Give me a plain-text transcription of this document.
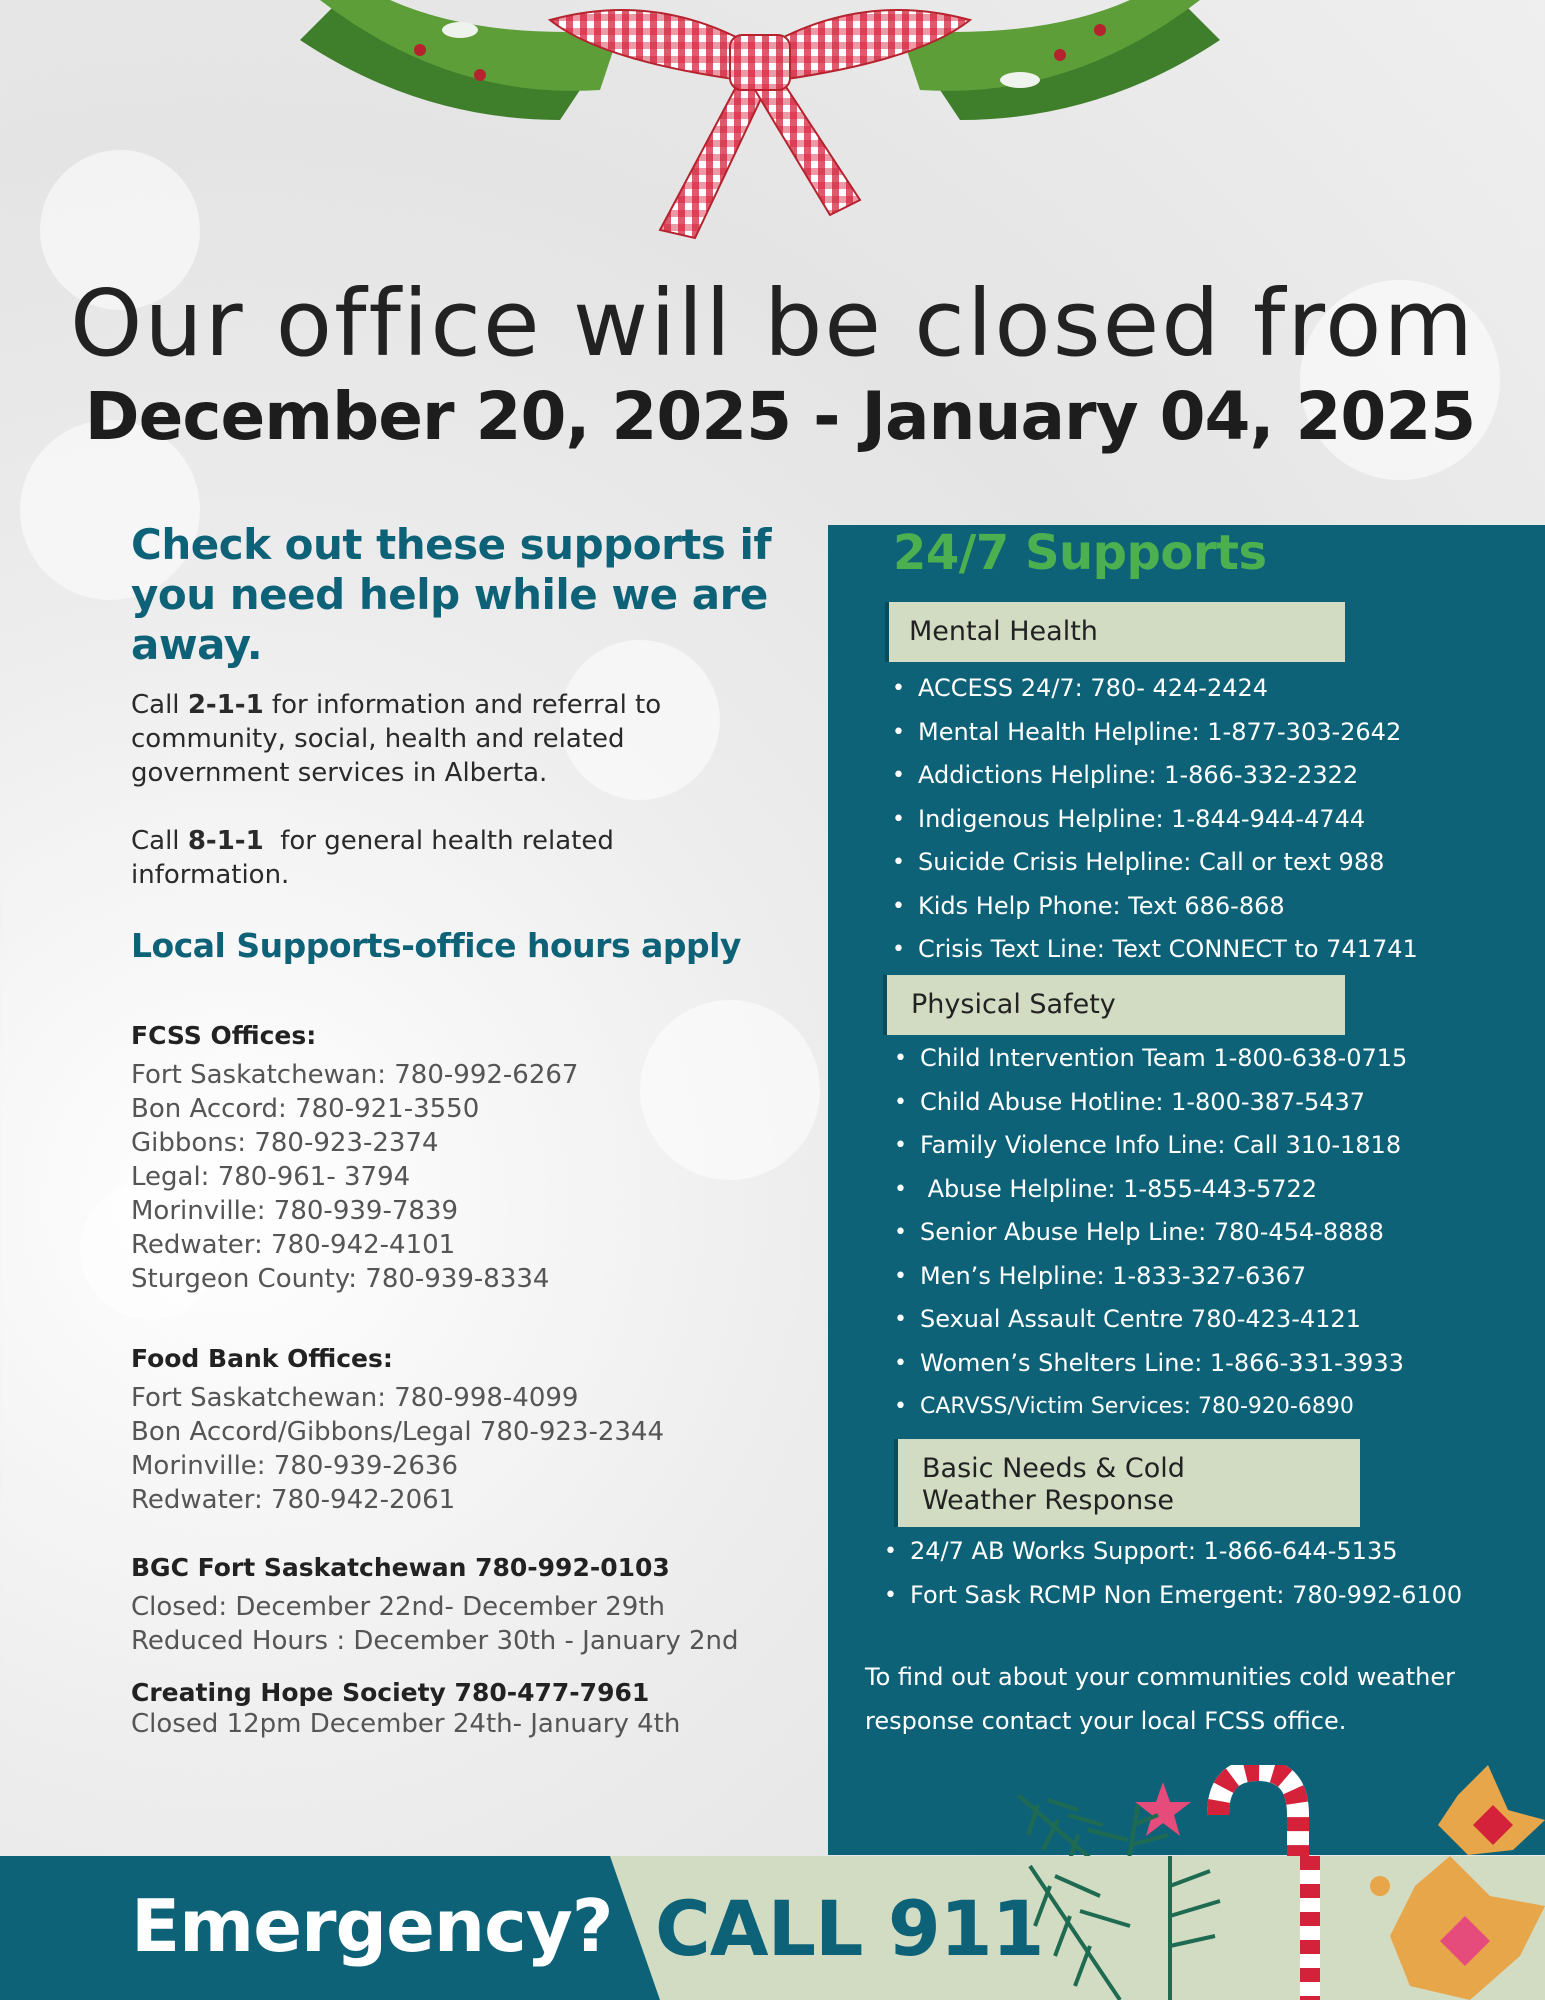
Our office will be closed from
December 20, 2025 - January 04, 2025
Check out these supports if
you need help while we are
away.
Call 2-1-1 for information and referral to
community, social, health and related
government services in Alberta.
Call 8-1-1  for general health related
information.
Local Supports-office hours apply
FCSS Offices:
Fort Saskatchewan: 780-992-6267
Bon Accord: 780-921-3550
Gibbons: 780-923-2374
Legal: 780-961- 3794
Morinville: 780-939-7839
Redwater: 780-942-4101
Sturgeon County: 780-939-8334
Food Bank Offices:
Fort Saskatchewan: 780-998-4099
Bon Accord/Gibbons/Legal 780-923-2344
Morinville: 780-939-2636
Redwater: 780-942-2061
BGC Fort Saskatchewan 780-992-0103
Closed: December 22nd- December 29th
Reduced Hours : December 30th - January 2nd
Creating Hope Society 780-477-7961
Closed 12pm December 24th- January 4th
24/7 Supports
Mental Health
• ACCESS 24/7: 780- 424-2424
• Mental Health Helpline: 1-877-303-2642
• Addictions Helpline: 1-866-332-2322
• Indigenous Helpline: 1-844-944-4744
• Suicide Crisis Helpline: Call or text 988
• Kids Help Phone: Text 686-868
• Crisis Text Line: Text CONNECT to 741741
Physical Safety
• Child Intervention Team 1-800-638-0715
• Child Abuse Hotline: 1-800-387-5437
• Family Violence Info Line: Call 310-1818
•  Abuse Helpline: 1-855-443-5722
• Senior Abuse Help Line: 780-454-8888
• Men’s Helpline: 1-833-327-6367
• Sexual Assault Centre 780-423-4121
• Women’s Shelters Line: 1-866-331-3933
• CARVSS/Victim Services: 780-920-6890
Basic Needs & Cold
Weather Response
• 24/7 AB Works Support: 1-866-644-5135
• Fort Sask RCMP Non Emergent: 780-992-6100
To find out about your communities cold weather
response contact your local FCSS office.
Emergency? CALL 911
